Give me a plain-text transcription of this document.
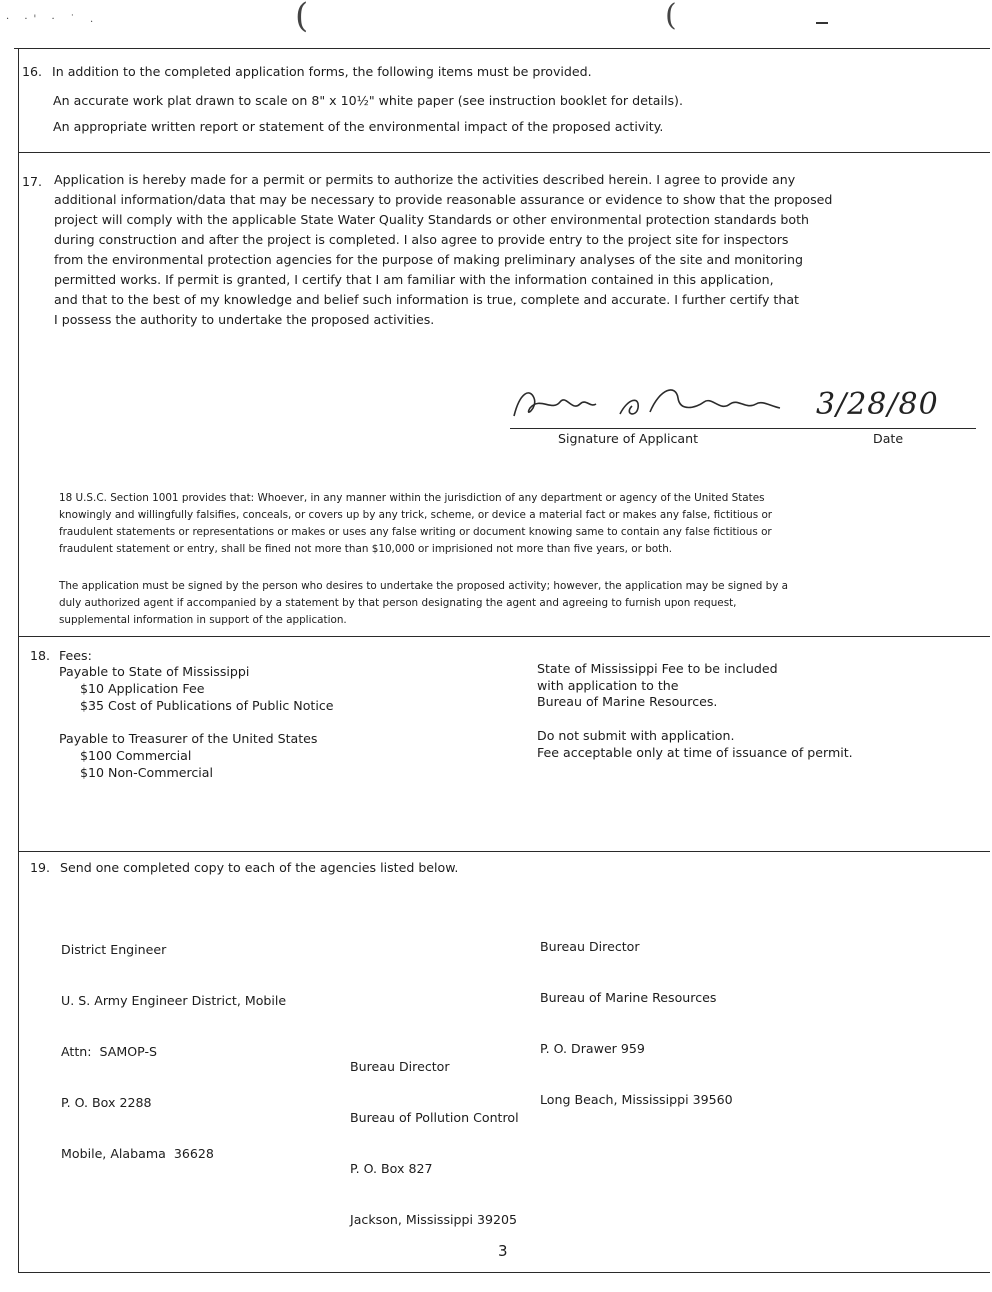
· ·' · ˙ .	(	(
16. In addition to the completed application forms, the following items must be provided.
An accurate work plat drawn to scale on 8" x 10½" white paper (see instruction booklet for details).
An appropriate written report or statement of the environmental impact of the proposed activity.
17. Application is hereby made for a permit or permits to authorize the activities described herein. I agree to provide any
additional information/data that may be necessary to provide reasonable assurance or evidence to show that the proposed
project will comply with the applicable State Water Quality Standards or other environmental protection standards both
during construction and after the project is completed. I also agree to provide entry to the project site for inspectors
from the environmental protection agencies for the purpose of making preliminary analyses of the site and monitoring
permitted works. If permit is granted, I certify that I am familiar with the information contained in this application,
and that to the best of my knowledge and belief such information is true, complete and accurate. I further certify that
I possess the authority to undertake the proposed activities.
3/28/80
Signature of Applicant	Date
18 U.S.C. Section 1001 provides that: Whoever, in any manner within the jurisdiction of any department or agency of the United States
knowingly and willingfully falsifies, conceals, or covers up by any trick, scheme, or device a material fact or makes any false, fictitious or
fraudulent statements or representations or makes or uses any false writing or document knowing same to contain any false fictitious or
fraudulent statement or entry, shall be fined not more than $10,000 or imprisioned not more than five years, or both.
The application must be signed by the person who desires to undertake the proposed activity; however, the application may be signed by a
duly authorized agent if accompanied by a statement by that person designating the agent and agreeing to furnish upon request,
supplemental information in support of the application.
18. Fees:
Payable to State of Mississippi
$10 Application Fee
$35 Cost of Publications of Public Notice
Payable to Treasurer of the United States
$100 Commercial
$10 Non-Commercial
State of Mississippi Fee to be included
with application to the
Bureau of Marine Resources.
Do not submit with application.
Fee acceptable only at time of issuance of permit.
19. Send one completed copy to each of the agencies listed below.

District Engineer

U. S. Army Engineer District, Mobile

Attn:  SAMOP-S

P. O. Box 2288

Mobile, Alabama  36628

Bureau Director

Bureau of Marine Resources

P. O. Drawer 959

Long Beach, Mississippi 39560

Bureau Director

Bureau of Pollution Control

P. O. Box 827

Jackson, Mississippi 39205

3
